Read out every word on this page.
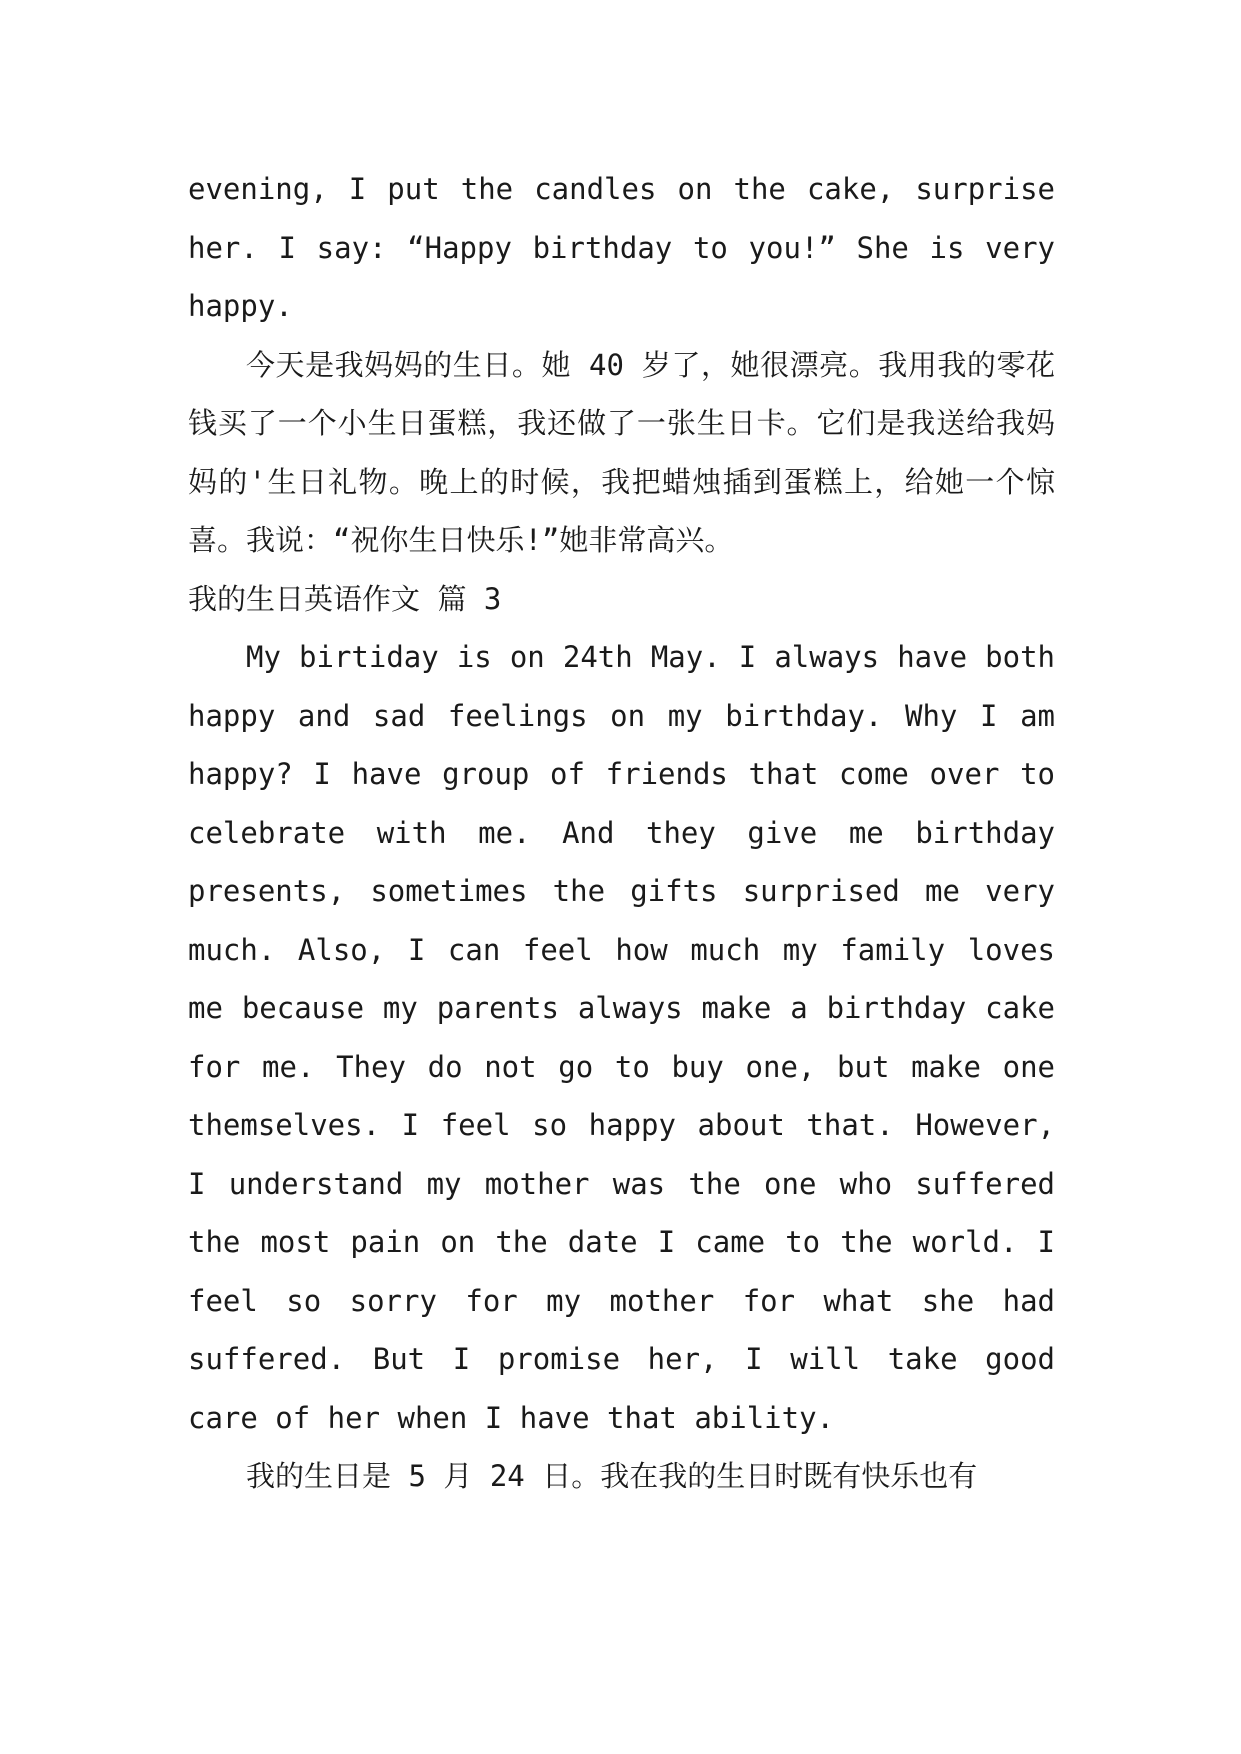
evening, I put the candles on the cake, surprise her. I say: “Happy birthday to you!” She is very happy.

今天是我妈妈的生日。她 40 岁了，她很漂亮。我用我的零花钱买了一个小生日蛋糕，我还做了一张生日卡。它们是我送给我妈妈的'生日礼物。晚上的时候，我把蜡烛插到蛋糕上，给她一个惊喜。我说：“祝你生日快乐!”她非常高兴。

我的生日英语作文 篇 3

My birtiday is on 24th May. I always have both happy and sad feelings on my birthday. Why I am happy? I have group of friends that come over to celebrate with me. And they give me birthday presents, sometimes the gifts surprised me very much. Also, I can feel how much my family loves me because my parents always make a birthday cake for me. They do not go to buy one, but make one themselves. I feel so happy about that. However, I understand my mother was the one who suffered the most pain on the date I came to the world. I feel so sorry for my mother for what she had suffered. But I promise her, I will take good care of her when I have that ability.

我的生日是 5 月 24 日。我在我的生日时既有快乐也有
